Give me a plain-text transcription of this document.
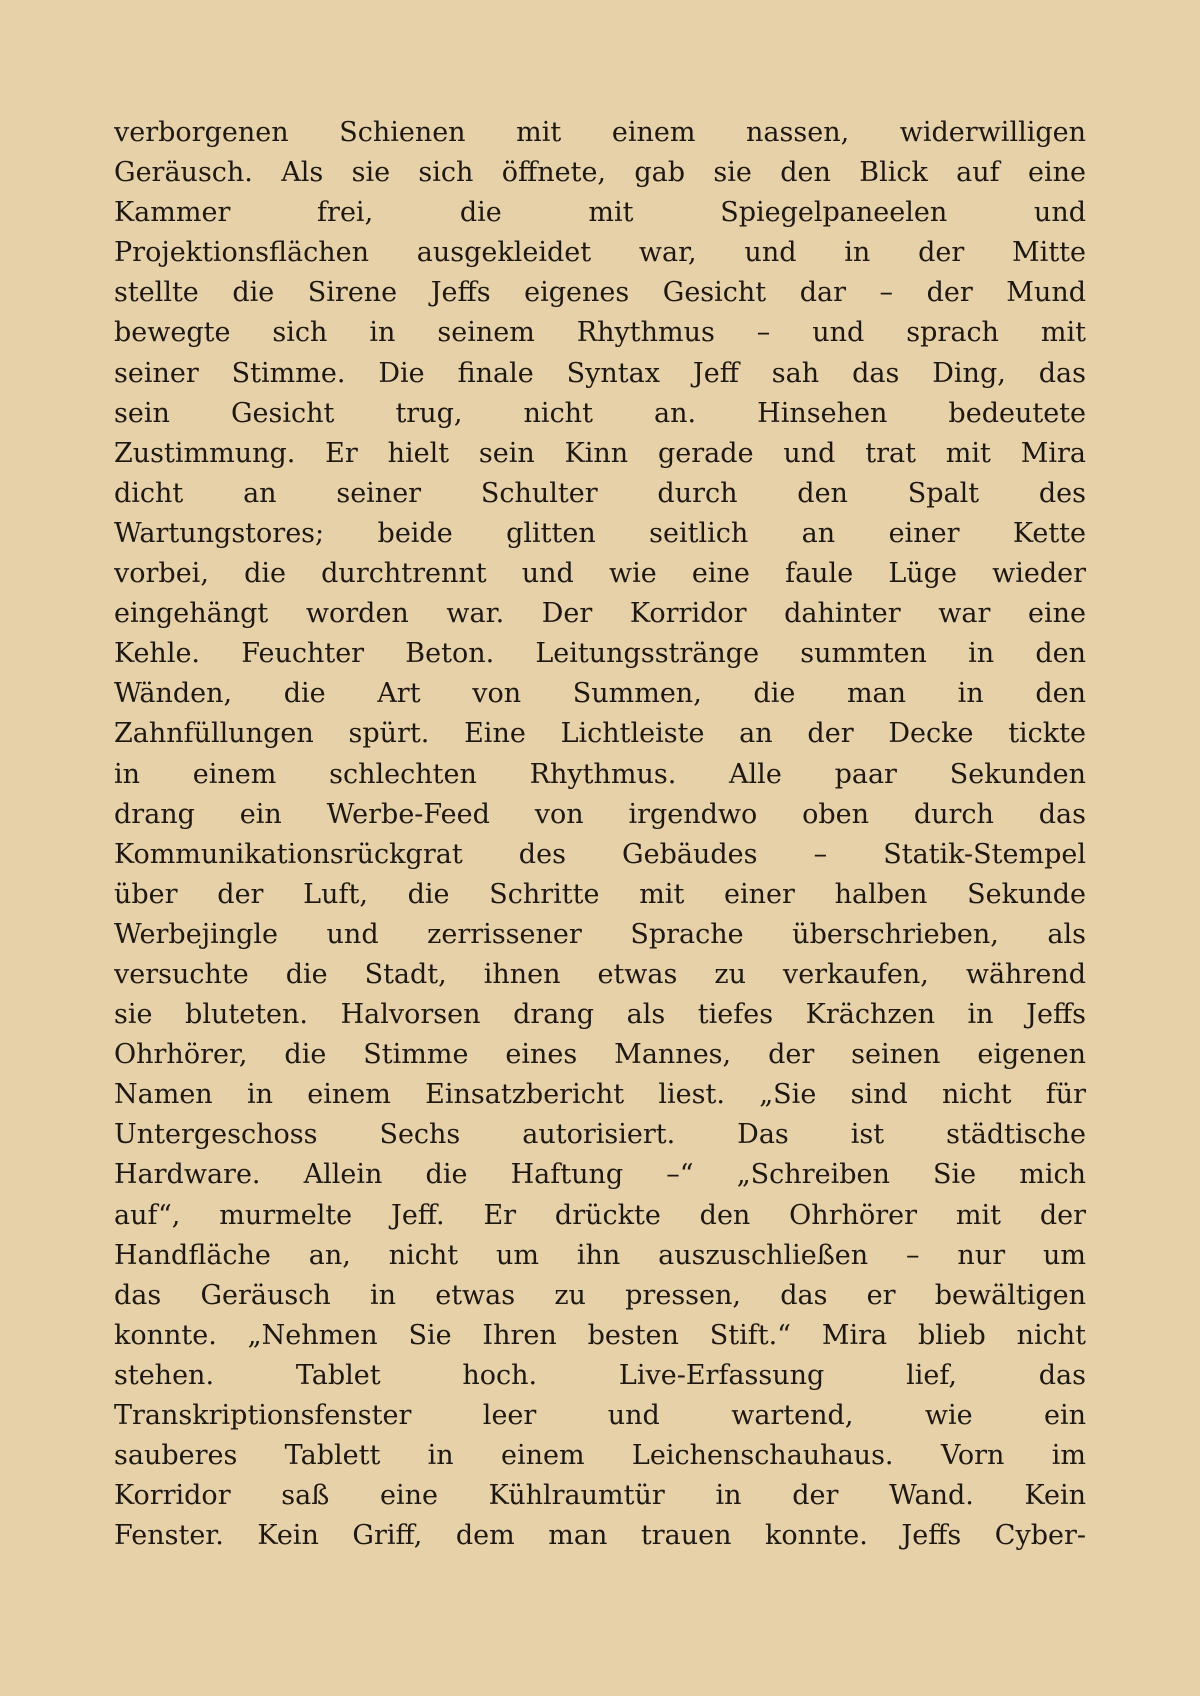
verborgenen Schienen mit einem nassen, widerwilligen
Geräusch. Als sie sich öffnete, gab sie den Blick auf eine
Kammer frei, die mit Spiegelpaneelen und
Projektionsflächen ausgekleidet war, und in der Mitte
stellte die Sirene Jeffs eigenes Gesicht dar – der Mund
bewegte sich in seinem Rhythmus – und sprach mit
seiner Stimme. Die finale Syntax Jeff sah das Ding, das
sein Gesicht trug, nicht an. Hinsehen bedeutete
Zustimmung. Er hielt sein Kinn gerade und trat mit Mira
dicht an seiner Schulter durch den Spalt des
Wartungstores; beide glitten seitlich an einer Kette
vorbei, die durchtrennt und wie eine faule Lüge wieder
eingehängt worden war. Der Korridor dahinter war eine
Kehle. Feuchter Beton. Leitungsstränge summten in den
Wänden, die Art von Summen, die man in den
Zahnfüllungen spürt. Eine Lichtleiste an der Decke tickte
in einem schlechten Rhythmus. Alle paar Sekunden
drang ein Werbe-Feed von irgendwo oben durch das
Kommunikationsrückgrat des Gebäudes – Statik-Stempel
über der Luft, die Schritte mit einer halben Sekunde
Werbejingle und zerrissener Sprache überschrieben, als
versuchte die Stadt, ihnen etwas zu verkaufen, während
sie bluteten. Halvorsen drang als tiefes Krächzen in Jeffs
Ohrhörer, die Stimme eines Mannes, der seinen eigenen
Namen in einem Einsatzbericht liest. „Sie sind nicht für
Untergeschoss Sechs autorisiert. Das ist städtische
Hardware. Allein die Haftung –“ „Schreiben Sie mich
auf“, murmelte Jeff. Er drückte den Ohrhörer mit der
Handfläche an, nicht um ihn auszuschließen – nur um
das Geräusch in etwas zu pressen, das er bewältigen
konnte. „Nehmen Sie Ihren besten Stift.“ Mira blieb nicht
stehen. Tablet hoch. Live-Erfassung lief, das
Transkriptionsfenster leer und wartend, wie ein
sauberes Tablett in einem Leichenschauhaus. Vorn im
Korridor saß eine Kühlraumtür in der Wand. Kein
Fenster. Kein Griff, dem man trauen konnte. Jeffs Cyber-
